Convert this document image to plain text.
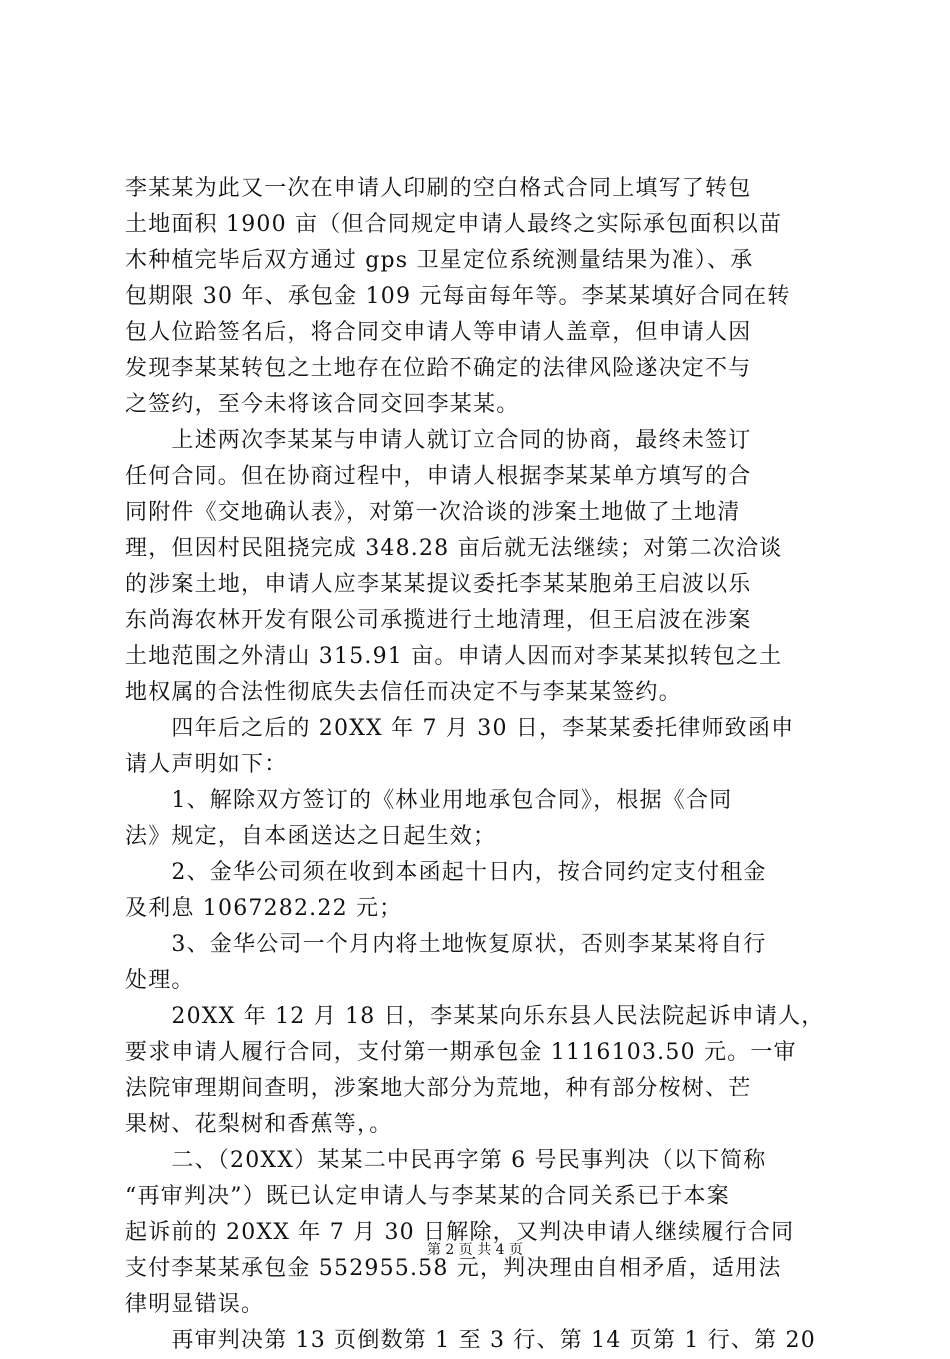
李某某为此又一次在申请人印刷的空白格式合同上填写了转包
土地面积 1900 亩（但合同规定申请人最终之实际承包面积以苗
木种植完毕后双方通过 gps 卫星定位系统测量结果为准）、承
包期限 30 年、承包金 109 元每亩每年等。李某某填好合同在转
包人位跲签名后，将合同交申请人等申请人盖章，但申请人因
发现李某某转包之土地存在位跲不确定的法律风险遂决定不与
之签约，至今未将该合同交回李某某。
　　上述两次李某某与申请人就订立合同的协商，最终未签订
任何合同。但在协商过程中，申请人根据李某某单方填写的合
同附件《交地确认表》，对第一次洽谈的涉案土地做了土地清
理，但因村民阻挠完成 348.28 亩后就无法继续；对第二次洽谈
的涉案土地，申请人应李某某提议委托李某某胞弟王启波以乐
东尚海农林开发有限公司承揽进行土地清理，但王启波在涉案
土地范围之外清山 315.91 亩。申请人因而对李某某拟转包之土
地权属的合法性彻底失去信任而决定不与李某某签约。
　　四年后之后的 20XX 年 7 月 30 日，李某某委托律师致函申
请人声明如下：
　　1、解除双方签订的《林业用地承包合同》，根据《合同
法》规定，自本函送达之日起生效；
　　2、金华公司须在收到本函起十日内，按合同约定支付租金
及利息 1067282.22 元；
　　3、金华公司一个月内将土地恢复原状，否则李某某将自行
处理。
　　20XX 年 12 月 18 日，李某某向乐东县人民法院起诉申请人，
要求申请人履行合同，支付第一期承包金 1116103.50 元。一审
法院审理期间查明，涉案地大部分为荒地，种有部分桉树、芒
果树、花梨树和香蕉等，。
　　二、（20XX）某某二中民再字第 6 号民事判决（以下简称
“再审判决”）既已认定申请人与李某某的合同关系已于本案
起诉前的 20XX 年 7 月 30 日解除，又判决申请人继续履行合同
支付李某某承包金 552955.58 元，判决理由自相矛盾，适用法
律明显错误。
　　再审判决第 13 页倒数第 1 至 3 行、第 14 页第 1 行、第 20
第 2 页 共 4 页
